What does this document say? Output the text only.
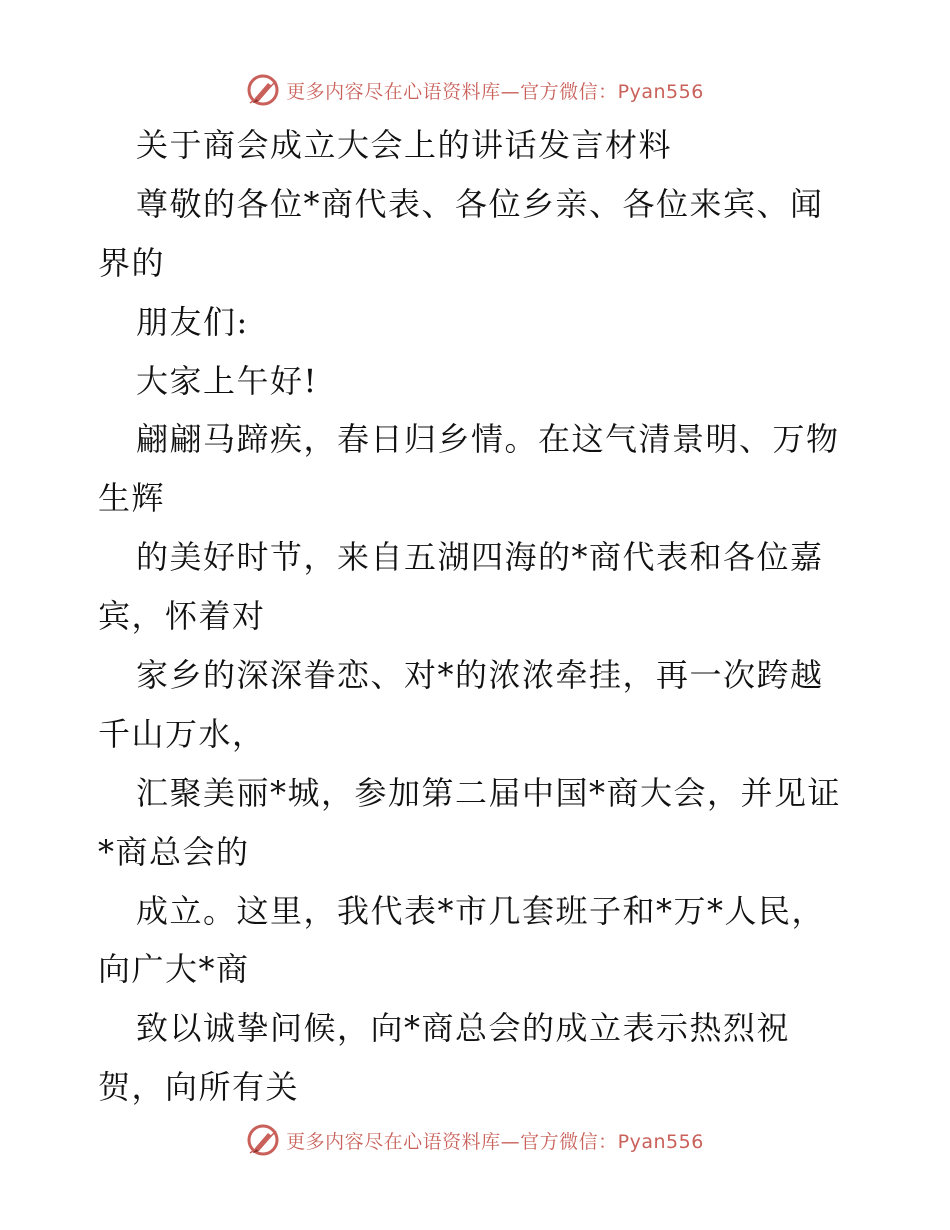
更多内容尽在心语资料库—官方微信：Pyan556
关于商会成立大会上的讲话发言材料
尊敬的各位*商代表、各位乡亲、各位来宾、闻
界的
朋友们:
大家上午好!
翩翩马蹄疾，春日归乡情。在这气清景明、万物
生辉
的美好时节，来自五湖四海的*商代表和各位嘉
宾，怀着对
家乡的深深眷恋、对*的浓浓牵挂，再一次跨越
千山万水，
汇聚美丽*城，参加第二届中国*商大会，并见证
*商总会的
成立。这里，我代表*市几套班子和*万*人民，
向广大*商
致以诚挚问候，向*商总会的成立表示热烈祝
贺，向所有关
更多内容尽在心语资料库—官方微信：Pyan556
